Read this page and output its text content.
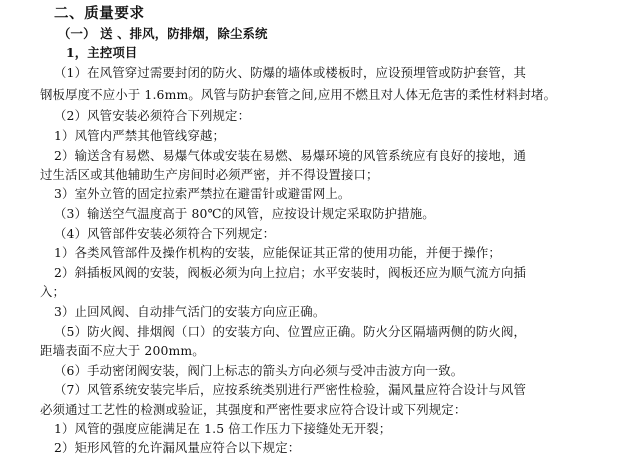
二、质量要求
（一） 送 、排风，防排烟，除尘系统
1，主控项目
（1）在风管穿过需要封闭的防火、防爆的墙体或楼板时，应设预埋管或防护套管，其
钢板厚度不应小于 1.6mm。风管与防护套管之间,应用不燃且对人体无危害的柔性材料封堵。
（2）风管安装必须符合下列规定：
1）风管内严禁其他管线穿越；
2）输送含有易燃、易爆气体或安装在易燃、易爆环境的风管系统应有良好的接地，通
过生活区或其他辅助生产房间时必须严密，并不得设置接口；
3）室外立管的固定拉索严禁拉在避雷针或避雷网上。
（3）输送空气温度高于 80℃的风管，应按设计规定采取防护措施。
（4）风管部件安装必须符合下列规定：
1）各类风管部件及操作机构的安装，应能保证其正常的使用功能，并便于操作；
2）斜插板风阀的安装，阀板必须为向上拉启；水平安装时，阀板还应为顺气流方向插
入；
3）止回风阀、自动排气活门的安装方向应正确。
（5）防火阀、排烟阀（口）的安装方向、位置应正确。防火分区隔墙两侧的防火阀，
距墙表面不应大于 200mm。
（6）手动密闭阀安装，阀门上标志的箭头方向必须与受冲击波方向一致。
（7）风管系统安装完毕后，应按系统类别进行严密性检验，漏风量应符合设计与风管
必须通过工艺性的检测或验证，其强度和严密性要求应符合设计或下列规定：
1）风管的强度应能满足在 1.5 倍工作压力下接缝处无开裂；
2）矩形风管的允许漏风量应符合以下规定：
